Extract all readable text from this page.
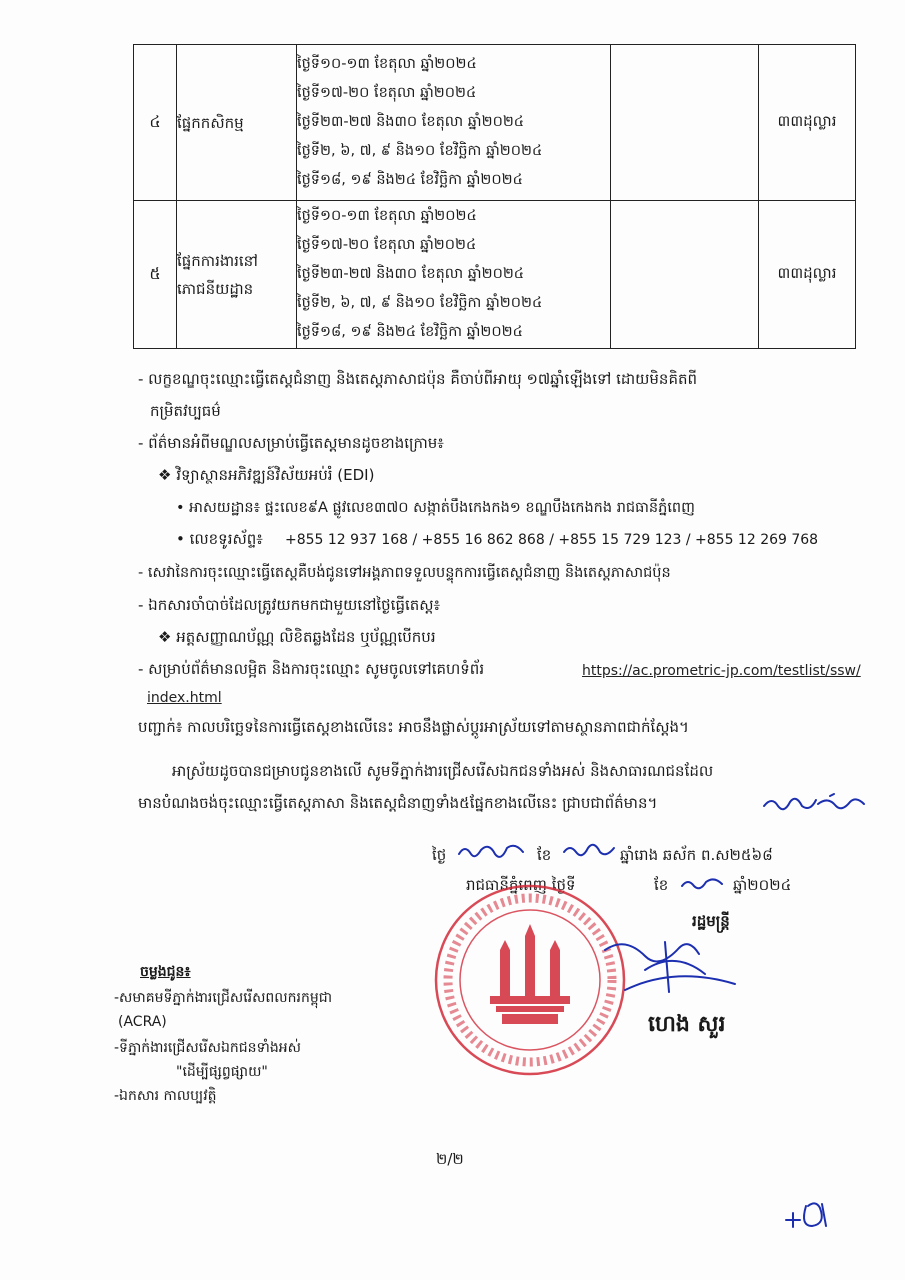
៤	ផ្នែកកសិកម្ម	ថ្ងៃទី១០-១៣ ខែតុលា ឆ្នាំ២០២៤
ថ្ងៃទី១៧-២០ ខែតុលា ឆ្នាំ២០២៤
ថ្ងៃទី២៣-២៧ និង៣០ ខែតុលា ឆ្នាំ២០២៤
ថ្ងៃទី២, ៦, ៧, ៩ និង១០ ខែវិច្ឆិកា ឆ្នាំ២០២៤
ថ្ងៃទី១៨, ១៩ និង២៤ ខែវិច្ឆិកា ឆ្នាំ២០២៤		៣៣ដុល្លារ
៥	ផ្នែកការងារនៅ
ភោជនីយដ្ឋាន	ថ្ងៃទី១០-១៣ ខែតុលា ឆ្នាំ២០២៤
ថ្ងៃទី១៧-២០ ខែតុលា ឆ្នាំ២០២៤
ថ្ងៃទី២៣-២៧ និង៣០ ខែតុលា ឆ្នាំ២០២៤
ថ្ងៃទី២, ៦, ៧, ៩ និង១០ ខែវិច្ឆិកា ឆ្នាំ២០២៤
ថ្ងៃទី១៨, ១៩ និង២៤ ខែវិច្ឆិកា ឆ្នាំ២០២៤		៣៣ដុល្លារ
- លក្ខខណ្ឌចុះឈ្មោះធ្វើតេស្តជំនាញ និងតេស្តភាសាជប៉ុន គឺចាប់ពីអាយុ ១៧ឆ្នាំឡើងទៅ ដោយមិនគិតពី
កម្រិតវប្បធម៌
- ព័ត៌មានអំពីមណ្ឌលសម្រាប់ធ្វើតេស្តមានដូចខាងក្រោម៖
❖ វិទ្យាស្ថានអភិវឌ្ឍន៍វិស័យអប់រំ (EDI)
• អាសយដ្ឋាន៖ ផ្ទះលេខ៩A ផ្លូវលេខ៣៧០ សង្កាត់បឹងកេងកង១ ខណ្ឌបឹងកេងកង រាជធានីភ្នំពេញ
• លេខទូរស័ព្ទ៖ +855 12 937 168 / +855 16 862 868 / +855 15 729 123 / +855 12 269 768
- សេវានៃការចុះឈ្មោះធ្វើតេស្តគឺបង់ជូនទៅអង្គភាពទទួលបន្ទុកការធ្វើតេស្តជំនាញ និងតេស្តភាសាជប៉ុន
- ឯកសារចាំបាច់ដែលត្រូវយកមកជាមួយនៅថ្ងៃធ្វើតេស្ត៖
❖ អត្តសញ្ញាណប័ណ្ណ លិខិតឆ្លងដែន ឬប័ណ្ណបើកបរ
- សម្រាប់ព័ត៌មានលម្អិត និងការចុះឈ្មោះ សូមចូលទៅគេហទំព័រ	https://ac.prometric-jp.com/testlist/ssw/
index.html
បញ្ជាក់៖ កាលបរិច្ឆេទនៃការធ្វើតេស្តខាងលើនេះ អាចនឹងផ្លាស់ប្តូរអាស្រ័យទៅតាមស្ថានភាពជាក់ស្តែង។
អាស្រ័យដូចបានជម្រាបជូនខាងលើ សូមទីភ្នាក់ងារជ្រើសរើសឯកជនទាំងអស់ និងសាធារណជនដែល
មានបំណងចង់ចុះឈ្មោះធ្វើតេស្តភាសា និងតេស្តជំនាញទាំង៥ផ្នែកខាងលើនេះ ជ្រាបជាព័ត៌មាន។
ថ្ងៃ	ខែ	ឆ្នាំរោង ឆស័ក ព.ស២៥៦៨
រាជធានីភ្នំពេញ ថ្ងៃទី	ខែ	ឆ្នាំ២០២៤
រដ្ឋមន្ត្រី
ហេង សួរ
ចម្លងជូន៖
-សមាគមទីភ្នាក់ងារជ្រើសរើសពលករកម្ពុជា
(ACRA)
-ទីភ្នាក់ងារជ្រើសរើសឯកជនទាំងអស់
"ដើម្បីផ្សព្វផ្សាយ"
-ឯកសារ កាលប្បវត្តិ
២/២
